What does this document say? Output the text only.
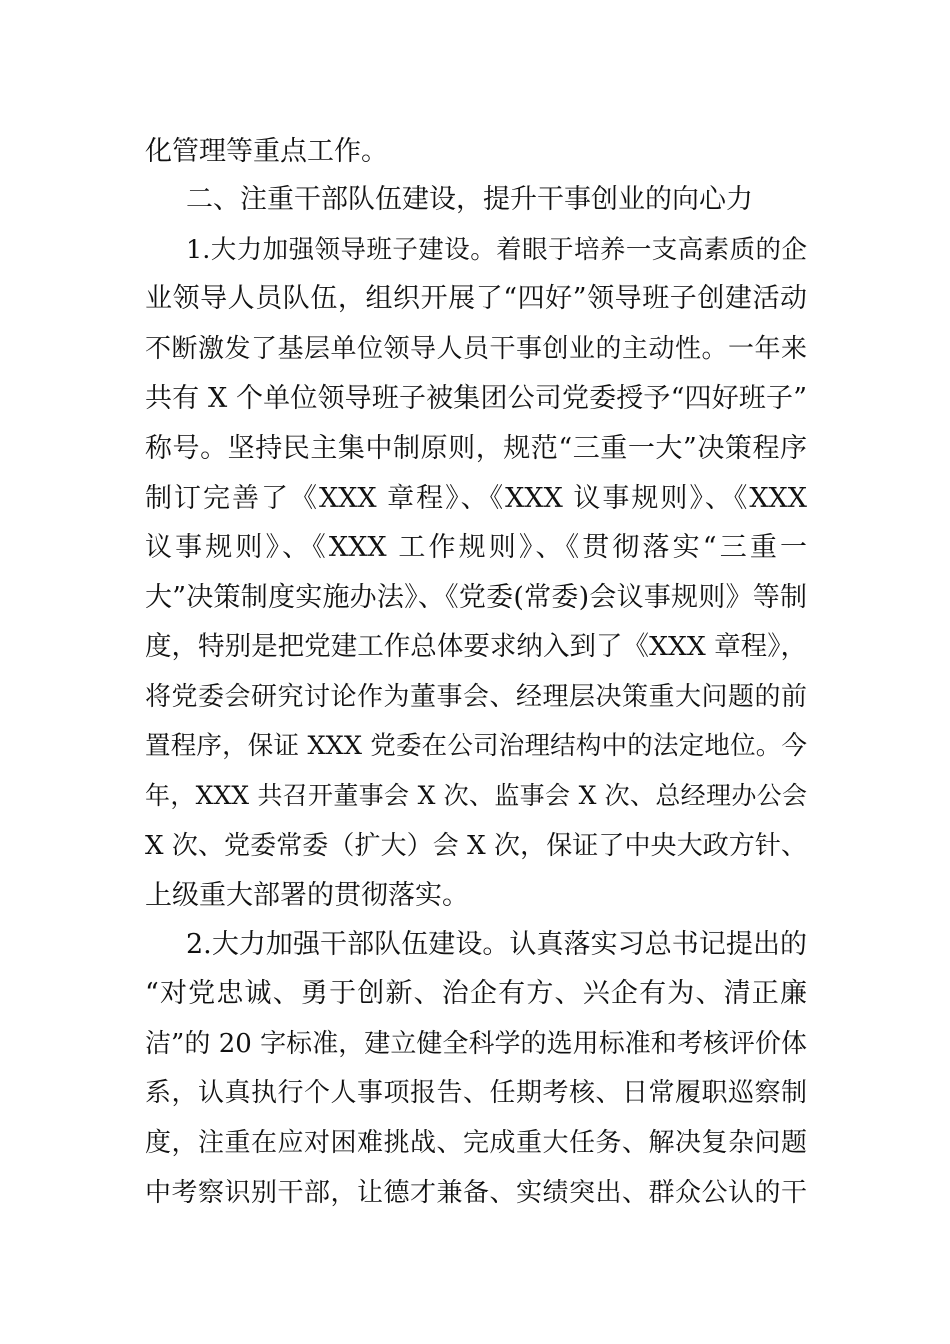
化管理等重点工作。
二、注重干部队伍建设，提升干事创业的向心力
1.大力加强领导班子建设。着眼于培养一支高素质的企
业领导人员队伍，组织开展了“四好”领导班子创建活动
不断激发了基层单位领导人员干事创业的主动性。一年来
共有 X 个单位领导班子被集团公司党委授予“四好班子”
称号。坚持民主集中制原则，规范“三重一大”决策程序
制订完善了《XXX 章程》、《XXX 议事规则》、《XXX
议事规则》、《XXX 工作规则》、《贯彻落实“三重一
大”决策制度实施办法》、《党委(常委)会议事规则》等制
度，特别是把党建工作总体要求纳入到了《XXX 章程》，
将党委会研究讨论作为董事会、经理层决策重大问题的前
置程序，保证 XXX 党委在公司治理结构中的法定地位。今
年，XXX 共召开董事会 X 次、监事会 X 次、总经理办公会
X 次、党委常委（扩大）会 X 次，保证了中央大政方针、
上级重大部署的贯彻落实。
2.大力加强干部队伍建设。认真落实习总书记提出的
“对党忠诚、勇于创新、治企有方、兴企有为、清正廉
洁”的 20 字标准，建立健全科学的选用标准和考核评价体
系，认真执行个人事项报告、任期考核、日常履职巡察制
度，注重在应对困难挑战、完成重大任务、解决复杂问题
中考察识别干部，让德才兼备、实绩突出、群众公认的干
